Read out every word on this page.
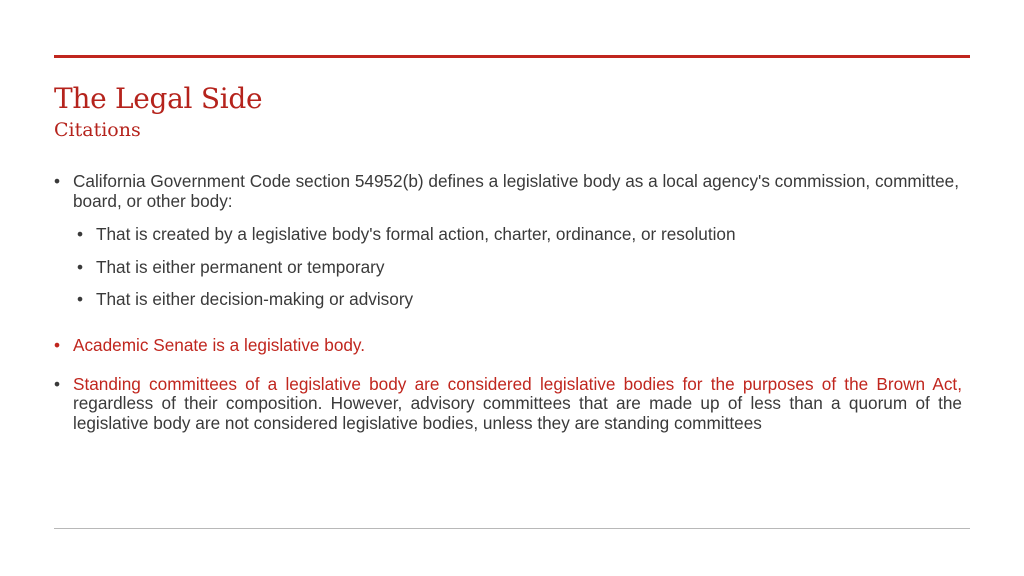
The Legal Side
Citations
• California Government Code section 54952(b) defines a legislative body as a local agency's commission, committee, board, or other body:
• That is created by a legislative body's formal action, charter, ordinance, or resolution
• That is either permanent or temporary
• That is either decision-making or advisory
• Academic Senate is a legislative body.
• Standing committees of a legislative body are considered legislative bodies for the purposes of the Brown Act, regardless of their composition. However, advisory committees that are made up of less than a quorum of the legislative body are not considered legislative bodies, unless they are standing committees
